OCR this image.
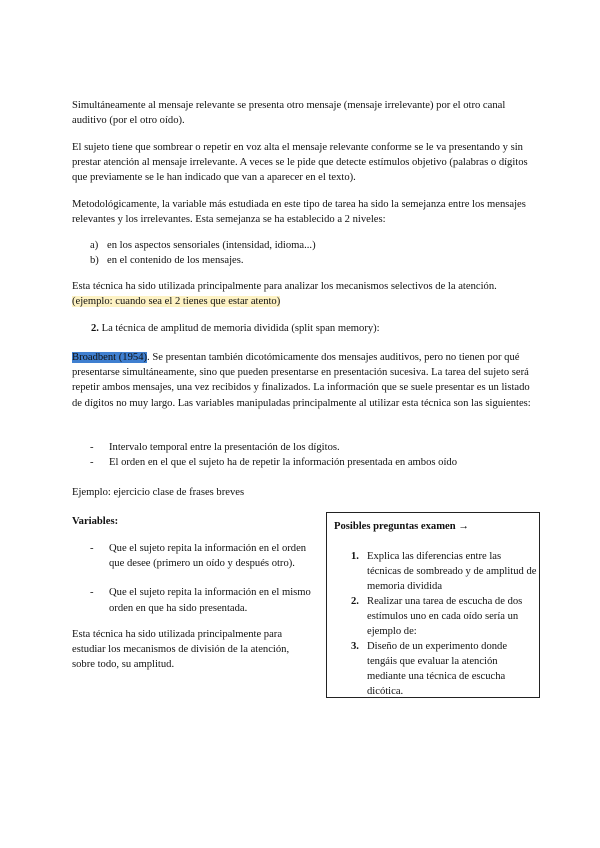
Simultáneamente al mensaje relevante se presenta otro mensaje (mensaje irrelevante) por el otro canal auditivo (por el otro oído).

El sujeto tiene que sombrear o repetir en voz alta el mensaje relevante conforme se le va presentando y sin prestar atención al mensaje irrelevante. A veces se le pide que detecte estímulos objetivo (palabras o dígitos que previamente se le han indicado que van a aparecer en el texto).

Metodológicamente, la variable más estudiada en este tipo de tarea ha sido la semejanza entre los mensajes relevantes y los irrelevantes. Esta semejanza se ha establecido a 2 niveles:

a) en los aspectos sensoriales (intensidad, idioma...)
b) en el contenido de los mensajes.

Esta técnica ha sido utilizada principalmente para analizar los mecanismos selectivos de la atención. (ejemplo: cuando sea el 2 tienes que estar atento)

2. La técnica de amplitud de memoria dividida (split span memory):

Broadbent (1954). Se presentan también dicotómicamente dos mensajes auditivos, pero no tienen por qué presentarse simultáneamente, sino que pueden presentarse en presentación sucesiva. La tarea del sujeto será repetir ambos mensajes, una vez recibidos y finalizados. La información que se suele presentar es un listado de dígitos no muy largo. Las variables manipuladas principalmente al utilizar esta técnica son las siguientes:

-	Intervalo temporal entre la presentación de los dígitos.
-	El orden en el que el sujeto ha de repetir la información presentada en ambos oído

Ejemplo: ejercicio clase de frases breves

Variables:

-	Que el sujeto repita la información en el orden que desee (primero un oído y después otro).
-	Que el sujeto repita la información en el mismo orden en que ha sido presentada.

Esta técnica ha sido utilizada principalmente para estudiar los mecanismos de división de la atención, sobre todo, su amplitud.

Posibles preguntas examen →
1. Explica las diferencias entre las técnicas de sombreado y de amplitud de memoria dividida
2. Realizar una tarea de escucha de dos estímulos uno en cada oído sería un ejemplo de:
3. Diseño de un experimento donde tengáis que evaluar la atención mediante una técnica de escucha dicótica.
